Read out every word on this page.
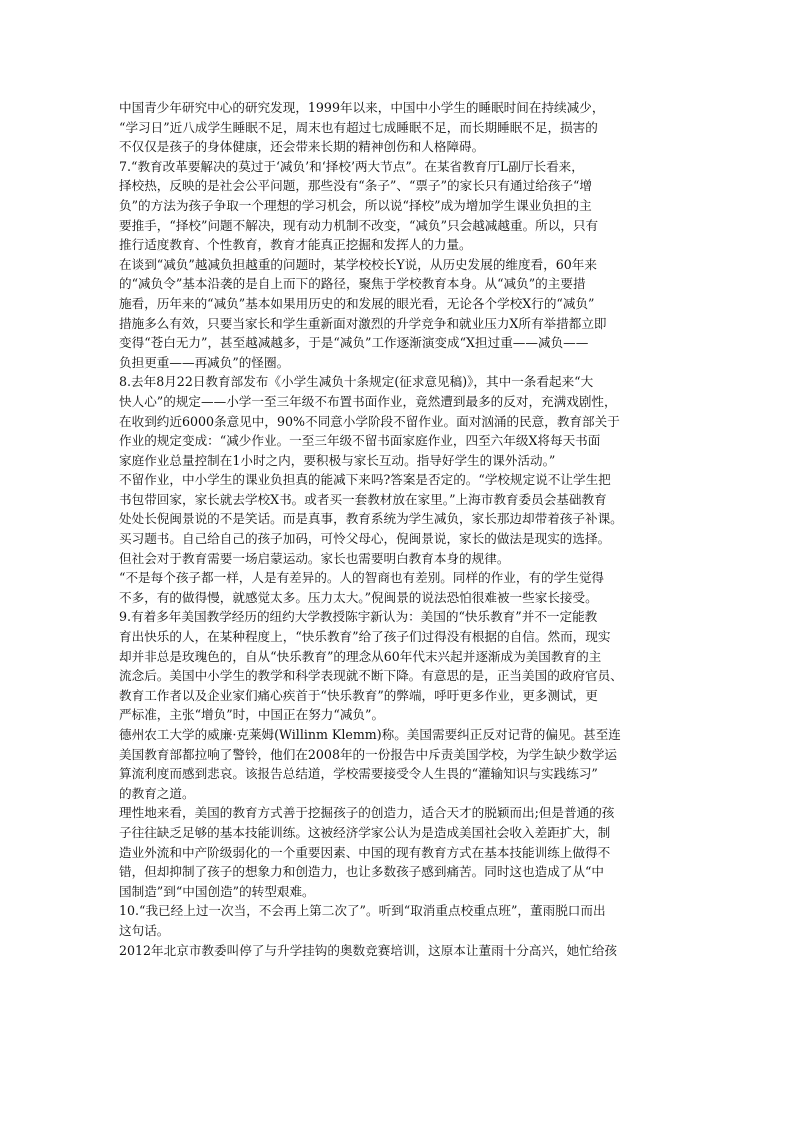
中国青少年研究中心的研究发现，1999年以来，中国中小学生的睡眠时间在持续减少，
“学习日”近八成学生睡眠不足，周末也有超过七成睡眠不足，而长期睡眠不足，损害的
不仅仅是孩子的身体健康，还会带来长期的精神创伤和人格障碍。
7.“教育改革要解决的莫过于‘减负’和‘择校’两大节点”。在某省教育厅L副厅长看来，
择校热，反映的是社会公平问题，那些没有“条子”、“票子”的家长只有通过给孩子“增
负”的方法为孩子争取一个理想的学习机会，所以说“择校”成为增加学生课业负担的主
要推手，“择校”问题不解决，现有动力机制不改变，“减负”只会越减越重。所以，只有
推行适度教育、个性教育，教育才能真正挖掘和发挥人的力量。
在谈到“减负”越减负担越重的问题时，某学校校长Y说，从历史发展的维度看，60年来
的“减负令”基本沿袭的是自上而下的路径，聚焦于学校教育本身。从“减负”的主要措
施看，历年来的“减负”基本如果用历史的和发展的眼光看，无论各个学校X行的“减负”
措施多么有效，只要当家长和学生重新面对激烈的升学竞争和就业压力X所有举措都立即
变得“苍白无力”，甚至越减越多，于是“减负”工作逐渐演变成“X担过重——减负——
负担更重——再减负”的怪圈。
8.去年8月22日教育部发布《小学生减负十条规定(征求意见稿)》，其中一条看起来“大
快人心”的规定——小学一至三年级不布置书面作业，竟然遭到最多的反对，充满戏剧性，
在收到约近6000条意见中，90%不同意小学阶段不留作业。面对汹涌的民意，教育部关于
作业的规定变成：“减少作业。一至三年级不留书面家庭作业，四至六年级X将每天书面
家庭作业总量控制在1小时之内，要积极与家长互动。指导好学生的课外活动。”
不留作业，中小学生的课业负担真的能减下来吗?答案是否定的。“学校规定说不让学生把
书包带回家，家长就去学校X书。或者买一套教材放在家里。”上海市教育委员会基础教育
处处长倪闽景说的不是笑话。而是真事，教育系统为学生减负，家长那边却带着孩子补课。
买习题书。自己给自己的孩子加码，可怜父母心，倪闽景说，家长的做法是现实的选择。
但社会对于教育需要一场启蒙运动。家长也需要明白教育本身的规律。
“不是每个孩子都一样，人是有差异的。人的智商也有差别。同样的作业，有的学生觉得
不多，有的做得慢，就感觉太多。压力太大。”倪闽景的说法恐怕很难被一些家长接受。
9.有着多年美国教学经历的纽约大学教授陈宇新认为：美国的“快乐教育”并不一定能教
育出快乐的人，在某种程度上，“快乐教育”给了孩子们过得没有根据的自信。然而，现实
却并非总是玫瑰色的，自从“快乐教育”的理念从60年代末兴起并逐渐成为美国教育的主
流念后。美国中小学生的教学和科学表现就不断下降。有意思的是，正当美国的政府官员、
教育工作者以及企业家们痛心疾首于“快乐教育”的弊端，呼吁更多作业，更多测试，更
严标准，主张“增负”时，中国正在努力“减负”。
德州农工大学的威廉·克莱姆(Willinm Klemm)称。美国需要纠正反对记背的偏见。甚至连
美国教育部都拉响了警铃，他们在2008年的一份报告中斥责美国学校，为学生缺少数学运
算流利度而感到悲哀。该报告总结道，学校需要接受令人生畏的“灌输知识与实践练习”
的教育之道。
理性地来看，美国的教育方式善于挖掘孩子的创造力，适合天才的脱颖而出;但是普通的孩
子往往缺乏足够的基本技能训练。这被经济学家公认为是造成美国社会收入差距扩大，制
造业外流和中产阶级弱化的一个重要因素、中国的现有教育方式在基本技能训练上做得不
错，但却抑制了孩子的想象力和创造力，也让多数孩子感到痛苦。同时这也造成了从“中
国制造”到“中国创造”的转型艰难。
10.“我已经上过一次当，不会再上第二次了”。听到“取消重点校重点班”，董雨脱口而出
这句话。
2012年北京市教委叫停了与升学挂钩的奥数竞赛培训，这原本让董雨十分高兴，她忙给孩
